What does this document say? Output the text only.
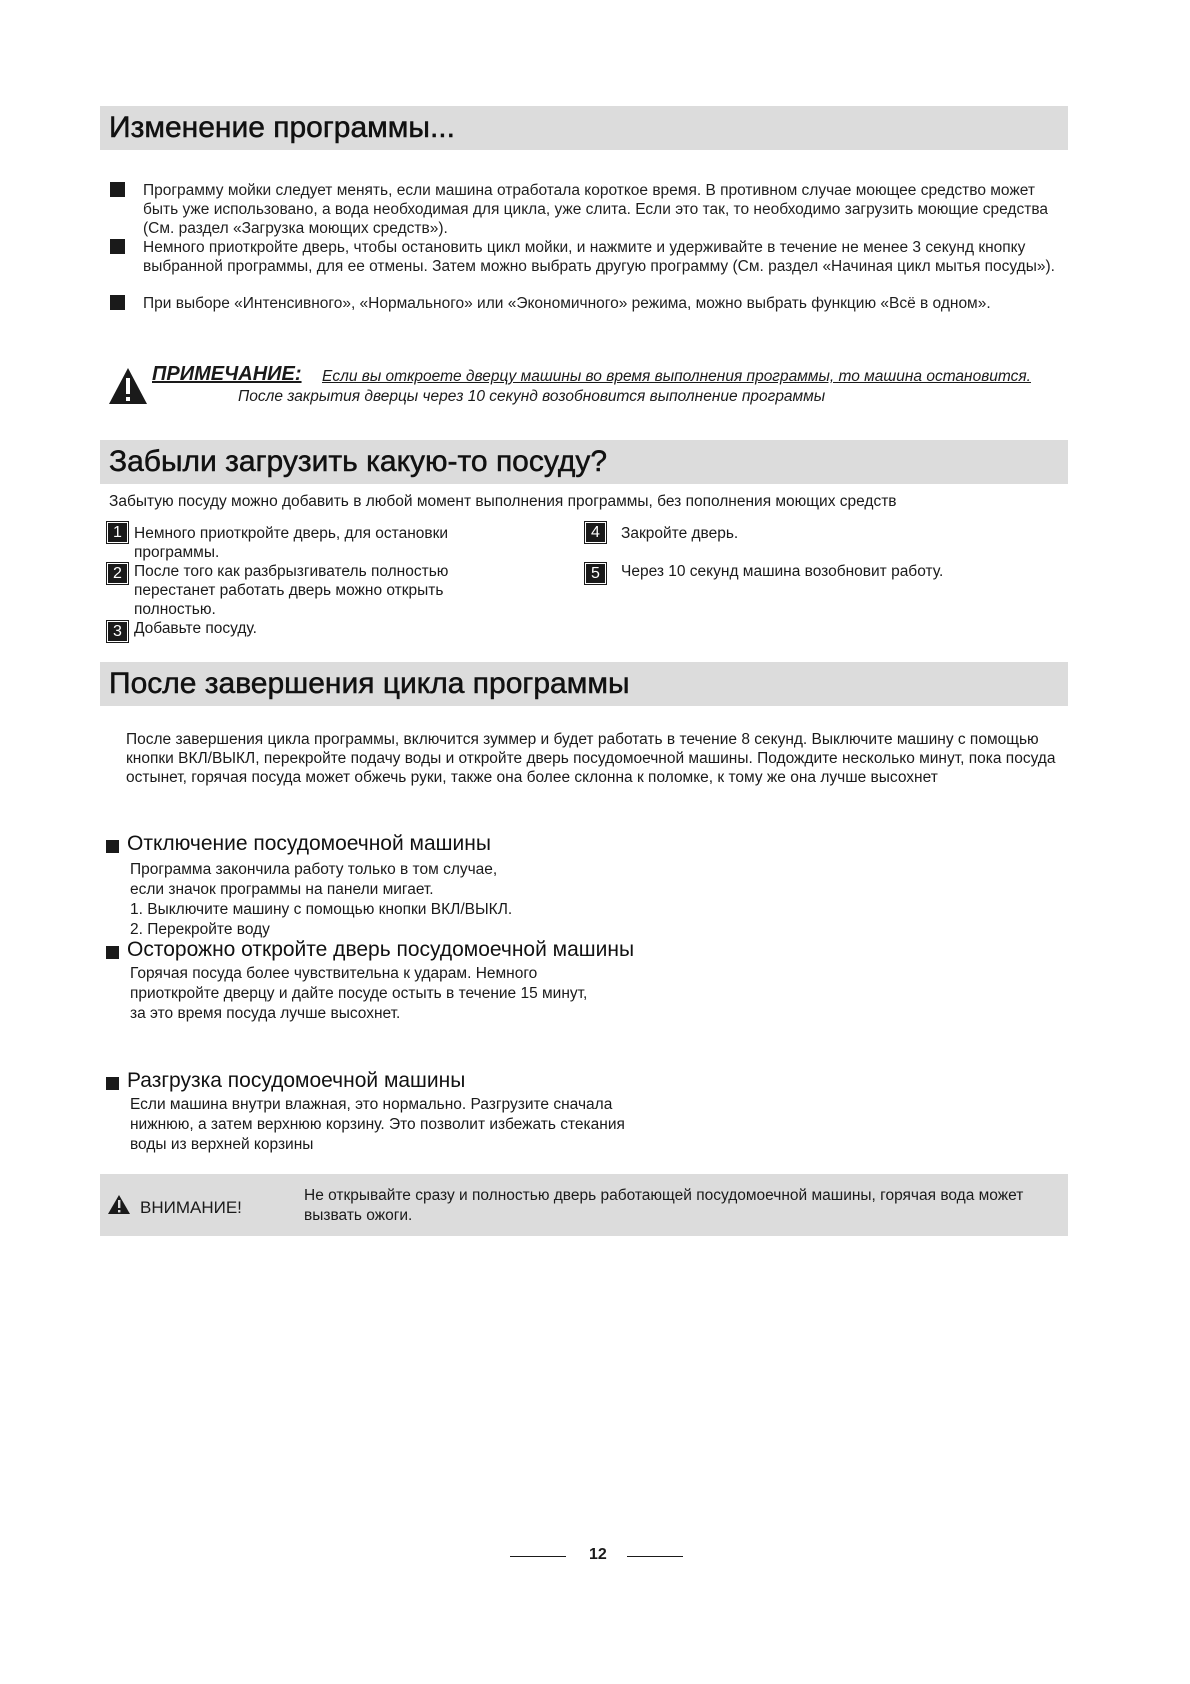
Изменение программы...
Программу мойки следует менять, если машина отработала короткое время. В противном случае моющее средство может быть уже использовано, а вода необходимая для цикла, уже слита. Если это так, то необходимо загрузить моющие средства (См. раздел «Загрузка моющих средств»).
Немного приоткройте дверь, чтобы остановить цикл мойки, и нажмите и удерживайте в течение не менее 3 секунд кнопку выбранной программы, для ее отмены. Затем можно выбрать другую программу (См. раздел «Начиная цикл мытья посуды»).
При выборе «Интенсивного», «Нормального» или «Экономичного» режима, можно выбрать функцию «Всё в одном».
ПРИМЕЧАНИЕ: Если вы откроете дверцу машины во время выполнения программы, то машина остановится.
После закрытия дверцы через 10 секунд возобновится выполнение программы
Забыли загрузить какую-то посуду?
Забытую посуду можно добавить в любой момент выполнения программы, без пополнения моющих средств
1 Немного приоткройте дверь, для остановки программы.
2 После того как разбрызгиватель полностью перестанет работать дверь можно открыть полностью.
3 Добавьте посуду.
4	Закройте дверь.
5	Через 10 секунд машина возобновит работу.
После завершения цикла программы
После завершения цикла программы, включится зуммер и будет работать в течение 8 секунд. Выключите машину с помощью кнопки ВКЛ/ВЫКЛ, перекройте подачу воды и откройте дверь посудомоечной машины. Подождите несколько минут, пока посуда остынет, горячая посуда может обжечь руки, также она более склонна к поломке, к тому же она лучше высохнет
Отключение посудомоечной машины
Программа закончила работу только в том случае,
если значок программы на панели мигает.
1. Выключите машину с помощью кнопки ВКЛ/ВЫКЛ.
2. Перекройте воду
Осторожно откройте дверь посудомоечной машины
Горячая посуда более чувствительна к ударам. Немного
приоткройте дверцу и дайте посуде остыть в течение 15 минут,
за это время посуда лучше высохнет.
Разгрузка посудомоечной машины
Если машина внутри влажная, это нормально. Разгрузите сначала
нижнюю, а затем верхнюю корзину. Это позволит избежать стекания
воды из верхней корзины
ВНИМАНИЕ!
Не открывайте сразу и полностью дверь работающей посудомоечной машины, горячая вода может вызвать ожоги.
12
